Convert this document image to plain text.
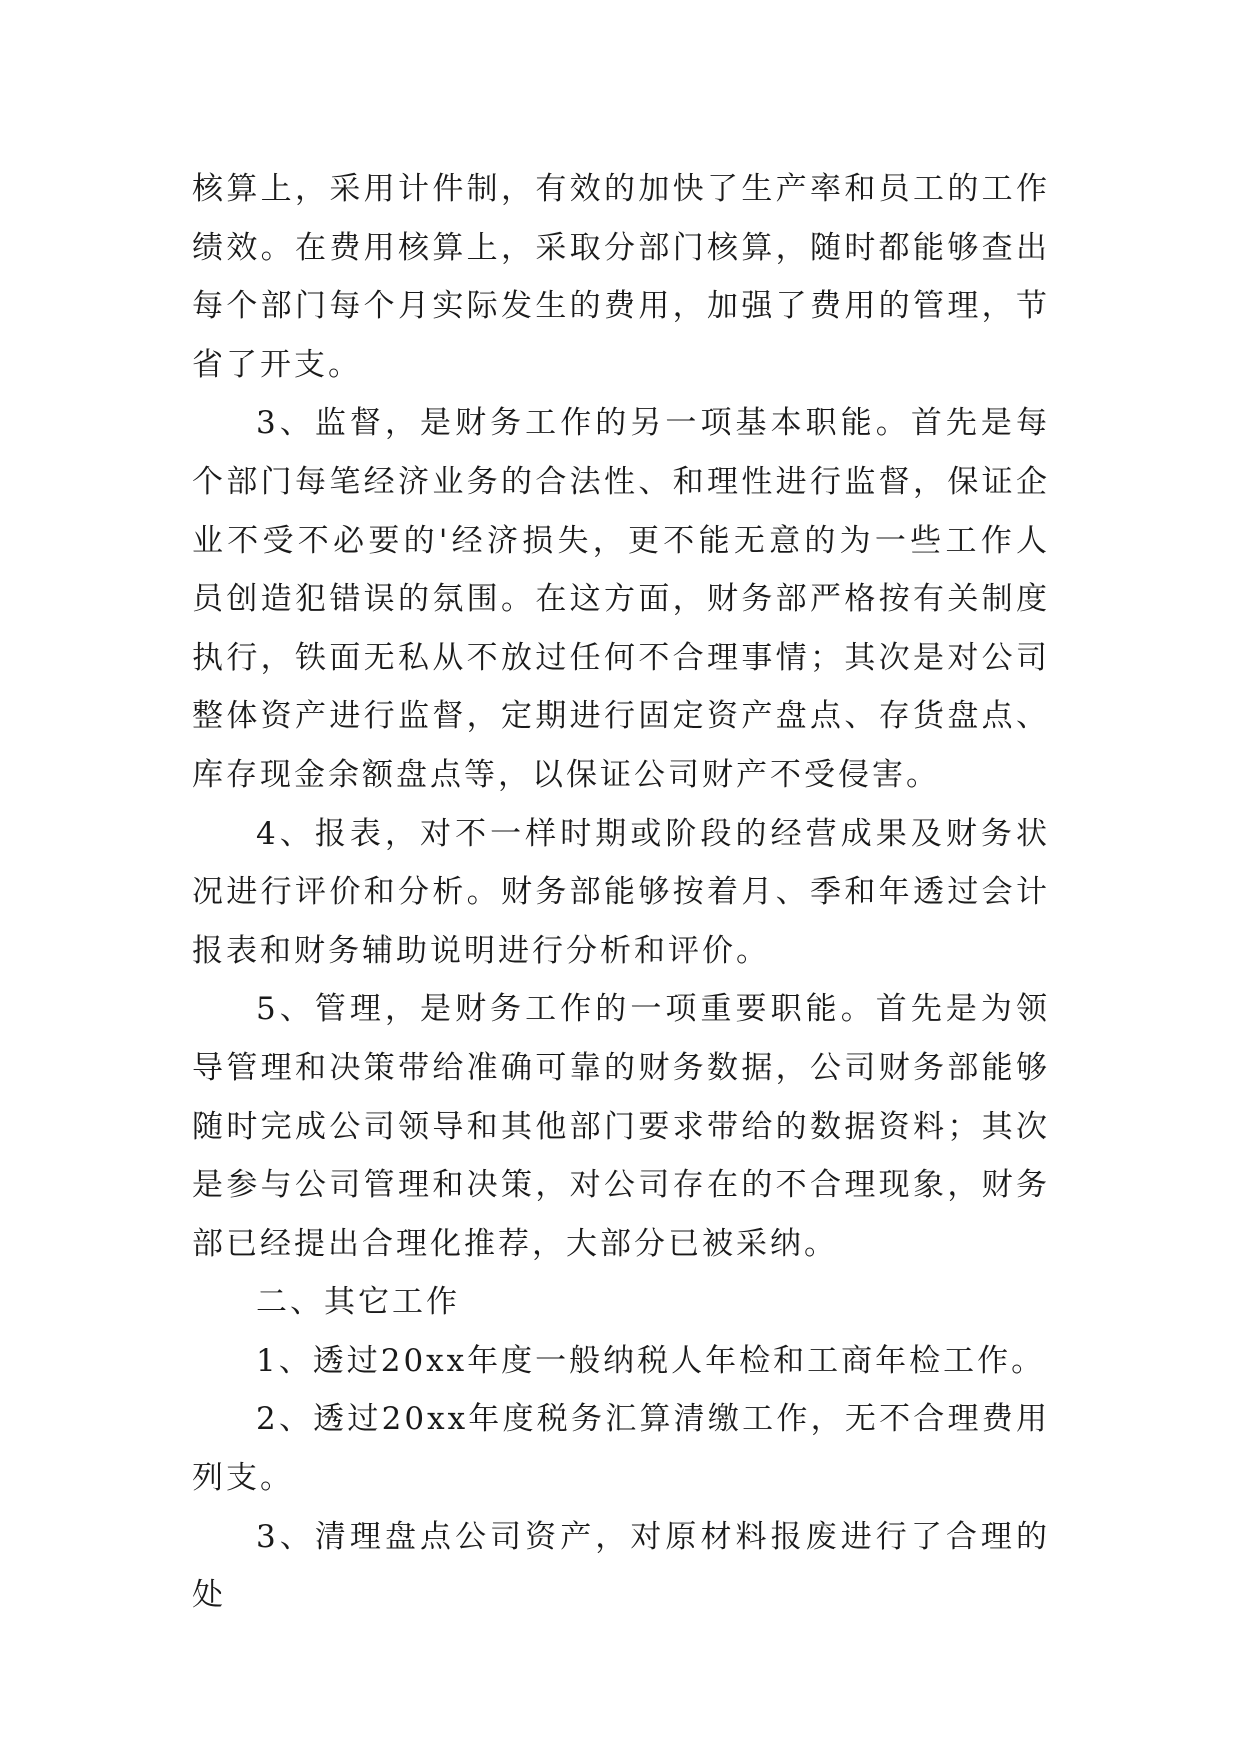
核算上，采用计件制，有效的加快了生产率和员工的工作绩效。在费用核算上，采取分部门核算，随时都能够查出每个部门每个月实际发生的费用，加强了费用的管理，节省了开支。

3、监督，是财务工作的另一项基本职能。首先是每个部门每笔经济业务的合法性、和理性进行监督，保证企业不受不必要的'经济损失，更不能无意的为一些工作人员创造犯错误的氛围。在这方面，财务部严格按有关制度执行，铁面无私从不放过任何不合理事情；其次是对公司整体资产进行监督，定期进行固定资产盘点、存货盘点、库存现金余额盘点等，以保证公司财产不受侵害。

4、报表，对不一样时期或阶段的经营成果及财务状况进行评价和分析。财务部能够按着月、季和年透过会计报表和财务辅助说明进行分析和评价。

5、管理，是财务工作的一项重要职能。首先是为领导管理和决策带给准确可靠的财务数据，公司财务部能够随时完成公司领导和其他部门要求带给的数据资料；其次是参与公司管理和决策，对公司存在的不合理现象，财务部已经提出合理化推荐，大部分已被采纳。

二、其它工作

1、透过20xx年度一般纳税人年检和工商年检工作。

2、透过20xx年度税务汇算清缴工作，无不合理费用列支。

3、清理盘点公司资产，对原材料报废进行了合理的处
